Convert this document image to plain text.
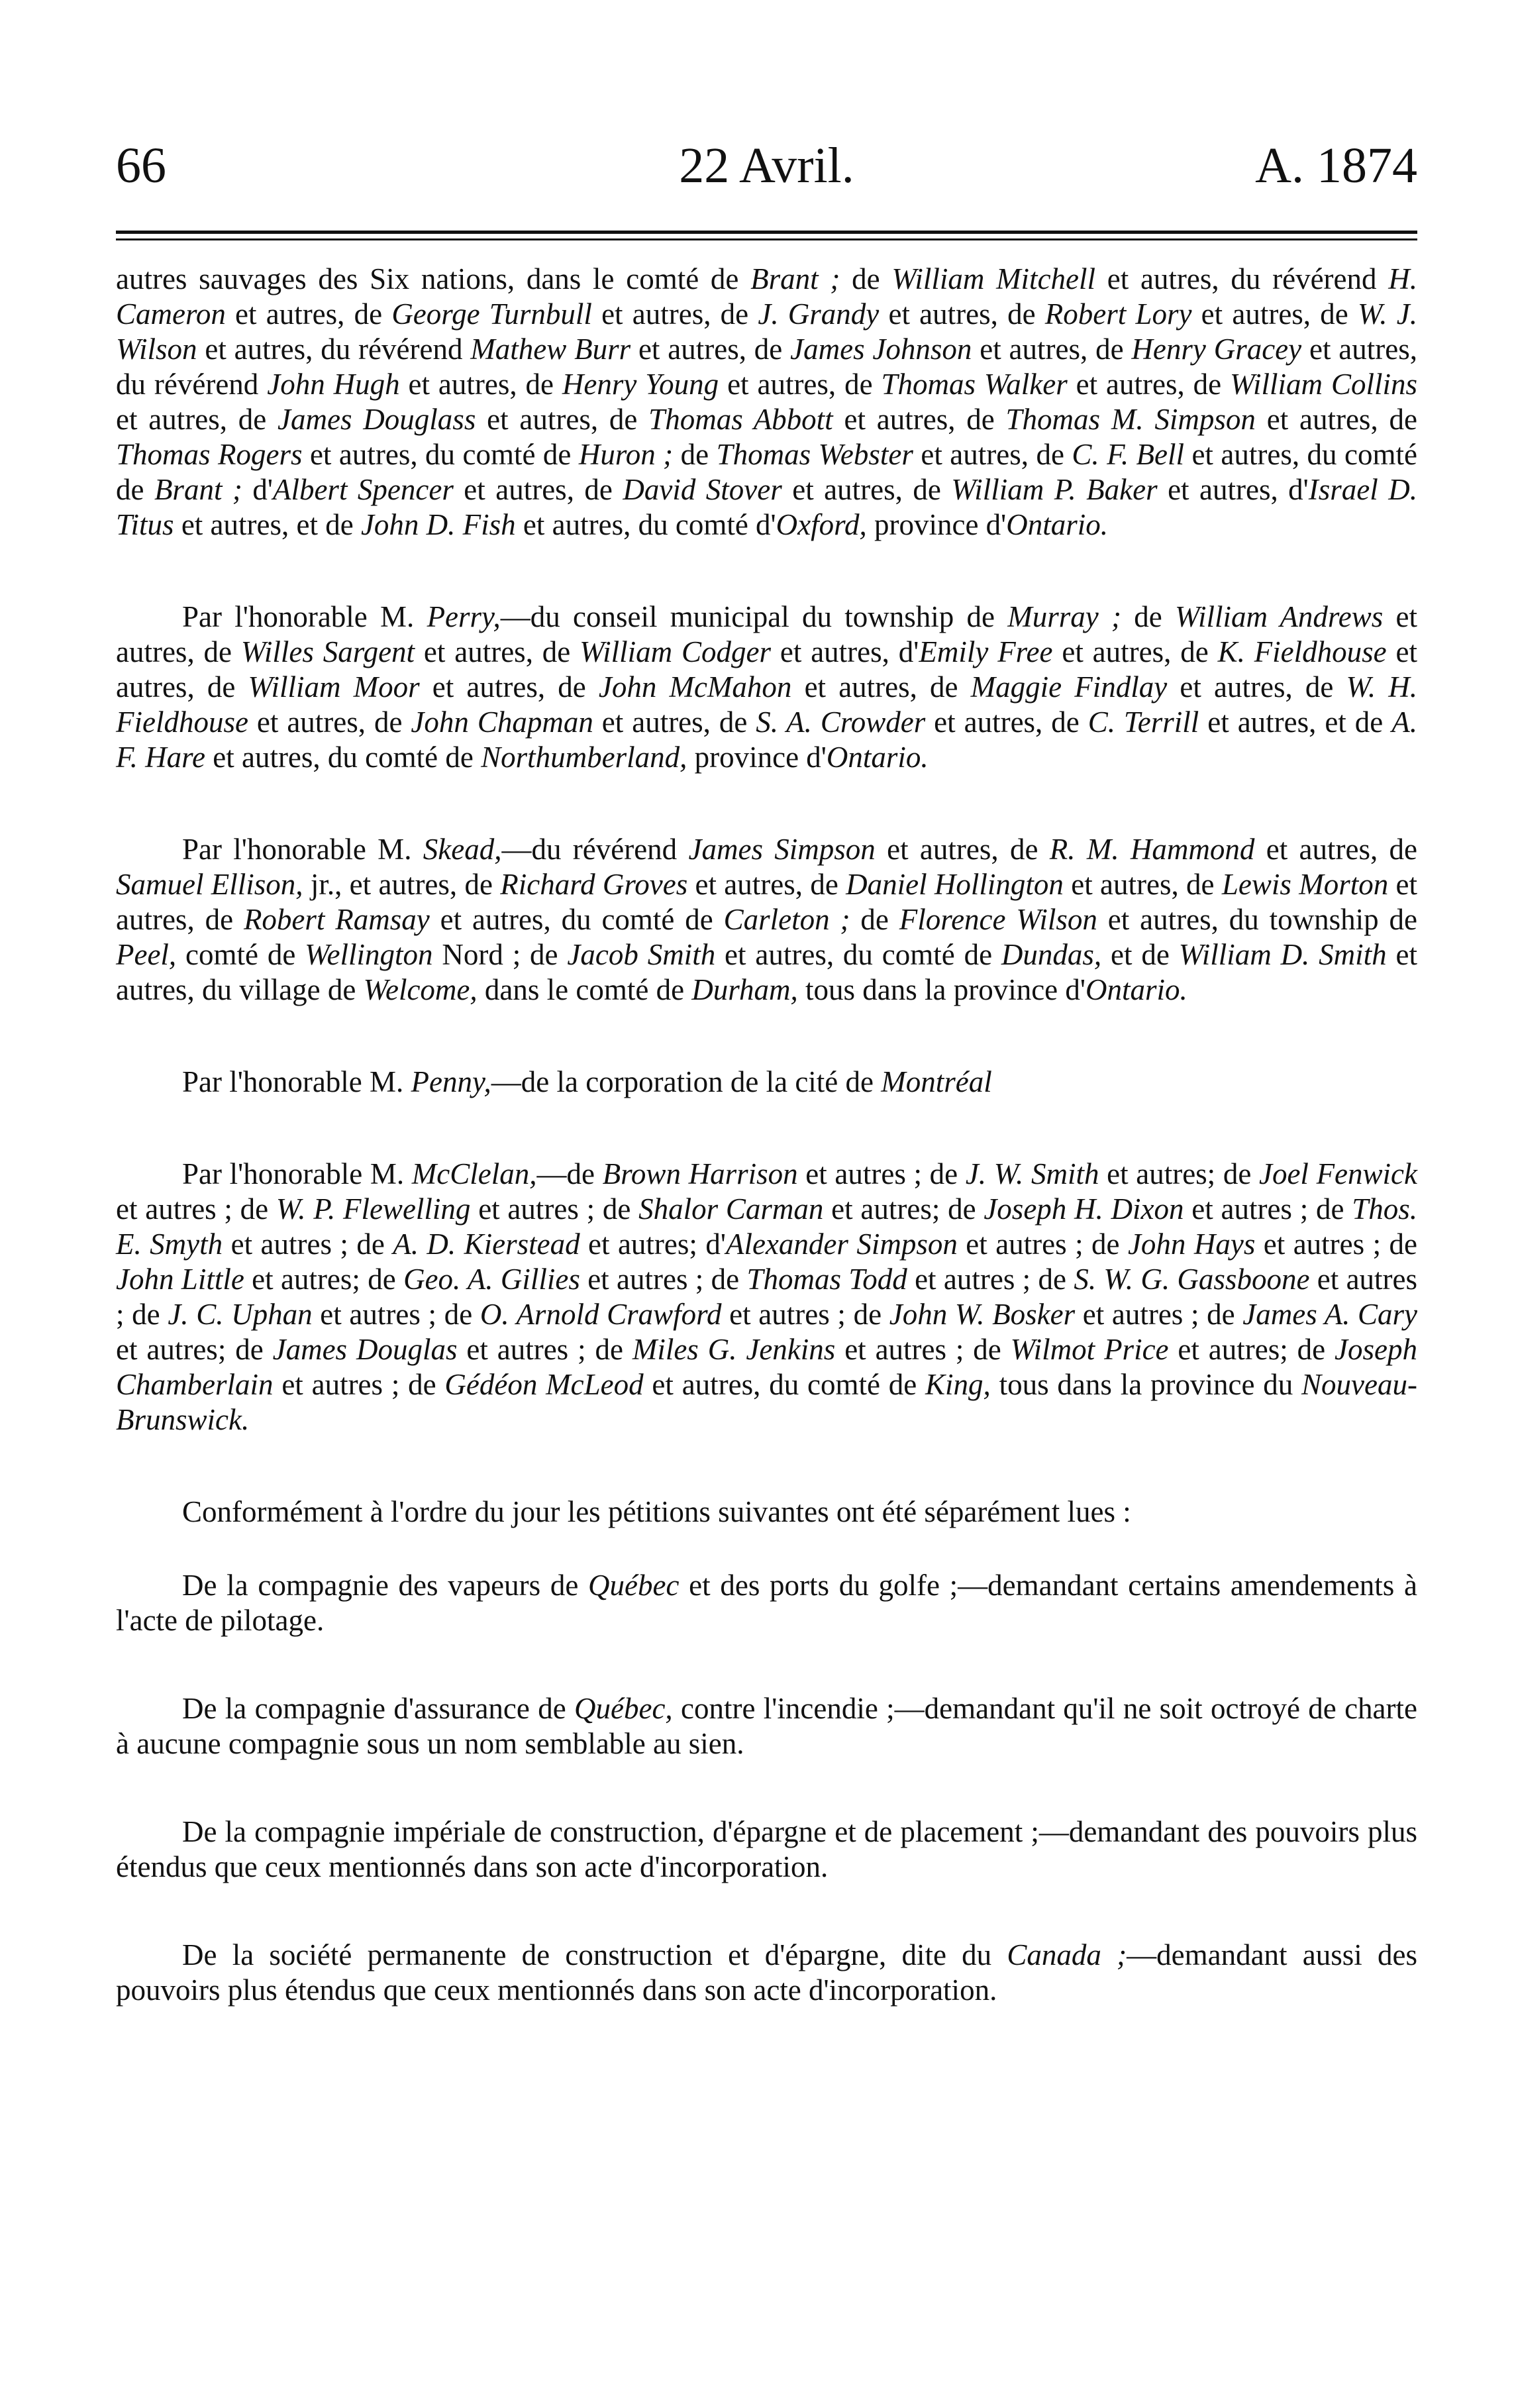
66	22 Avril.	A. 1874

autres sauvages des Six nations, dans le comté de Brant ; de William Mitchell et autres, du révérend H. Cameron et autres, de George Turnbull et autres, de J. Grandy et autres, de Robert Lory et autres, de W. J. Wilson et autres, du révérend Mathew Burr et autres, de James Johnson et autres, de Henry Gracey et autres, du révérend John Hugh et autres, de Henry Young et autres, de Thomas Walker et autres, de William Collins et autres, de James Douglass et autres, de Thomas Abbott et autres, de Thomas M. Simpson et autres, de Thomas Rogers et autres, du comté de Huron ; de Thomas Webster et autres, de C. F. Bell et autres, du comté de Brant ; d'Albert Spencer et autres, de David Stover et autres, de William P. Baker et autres, d'Israel D. Titus et autres, et de John D. Fish et autres, du comté d'Oxford, province d'Ontario.

Par l'honorable M. Perry,—du conseil municipal du township de Murray ; de William Andrews et autres, de Willes Sargent et autres, de William Codger et autres, d'Emily Free et autres, de K. Fieldhouse et autres, de William Moor et autres, de John McMahon et autres, de Maggie Findlay et autres, de W. H. Fieldhouse et autres, de John Chapman et autres, de S. A. Crowder et autres, de C. Terrill et autres, et de A. F. Hare et autres, du comté de Northumberland, province d'Ontario.

Par l'honorable M. Skead,—du révérend James Simpson et autres, de R. M. Hammond et autres, de Samuel Ellison, jr., et autres, de Richard Groves et autres, de Daniel Hollington et autres, de Lewis Morton et autres, de Robert Ramsay et autres, du comté de Carleton ; de Florence Wilson et autres, du township de Peel, comté de Wellington Nord ; de Jacob Smith et autres, du comté de Dundas, et de William D. Smith et autres, du village de Welcome, dans le comté de Durham, tous dans la province d'Ontario.

Par l'honorable M. Penny,—de la corporation de la cité de Montréal

Par l'honorable M. McClelan,—de Brown Harrison et autres ; de J. W. Smith et autres; de Joel Fenwick et autres ; de W. P. Flewelling et autres ; de Shalor Carman et autres; de Joseph H. Dixon et autres ; de Thos. E. Smyth et autres ; de A. D. Kierstead et autres; d'Alexander Simpson et autres ; de John Hays et autres ; de John Little et autres; de Geo. A. Gillies et autres ; de Thomas Todd et autres ; de S. W. G. Gassboone et autres ; de J. C. Uphan et autres ; de O. Arnold Crawford et autres ; de John W. Bosker et autres ; de James A. Cary et autres; de James Douglas et autres ; de Miles G. Jenkins et autres ; de Wilmot Price et autres; de Joseph Chamberlain et autres ; de Gédéon McLeod et autres, du comté de King, tous dans la province du Nouveau-Brunswick.

Conformément à l'ordre du jour les pétitions suivantes ont été séparément lues :

De la compagnie des vapeurs de Québec et des ports du golfe ;—demandant certains amendements à l'acte de pilotage.

De la compagnie d'assurance de Québec, contre l'incendie ;—demandant qu'il ne soit octroyé de charte à aucune compagnie sous un nom semblable au sien.

De la compagnie impériale de construction, d'épargne et de placement ;—demandant des pouvoirs plus étendus que ceux mentionnés dans son acte d'incorporation.

De la société permanente de construction et d'épargne, dite du Canada ;—demandant aussi des pouvoirs plus étendus que ceux mentionnés dans son acte d'incorporation.
